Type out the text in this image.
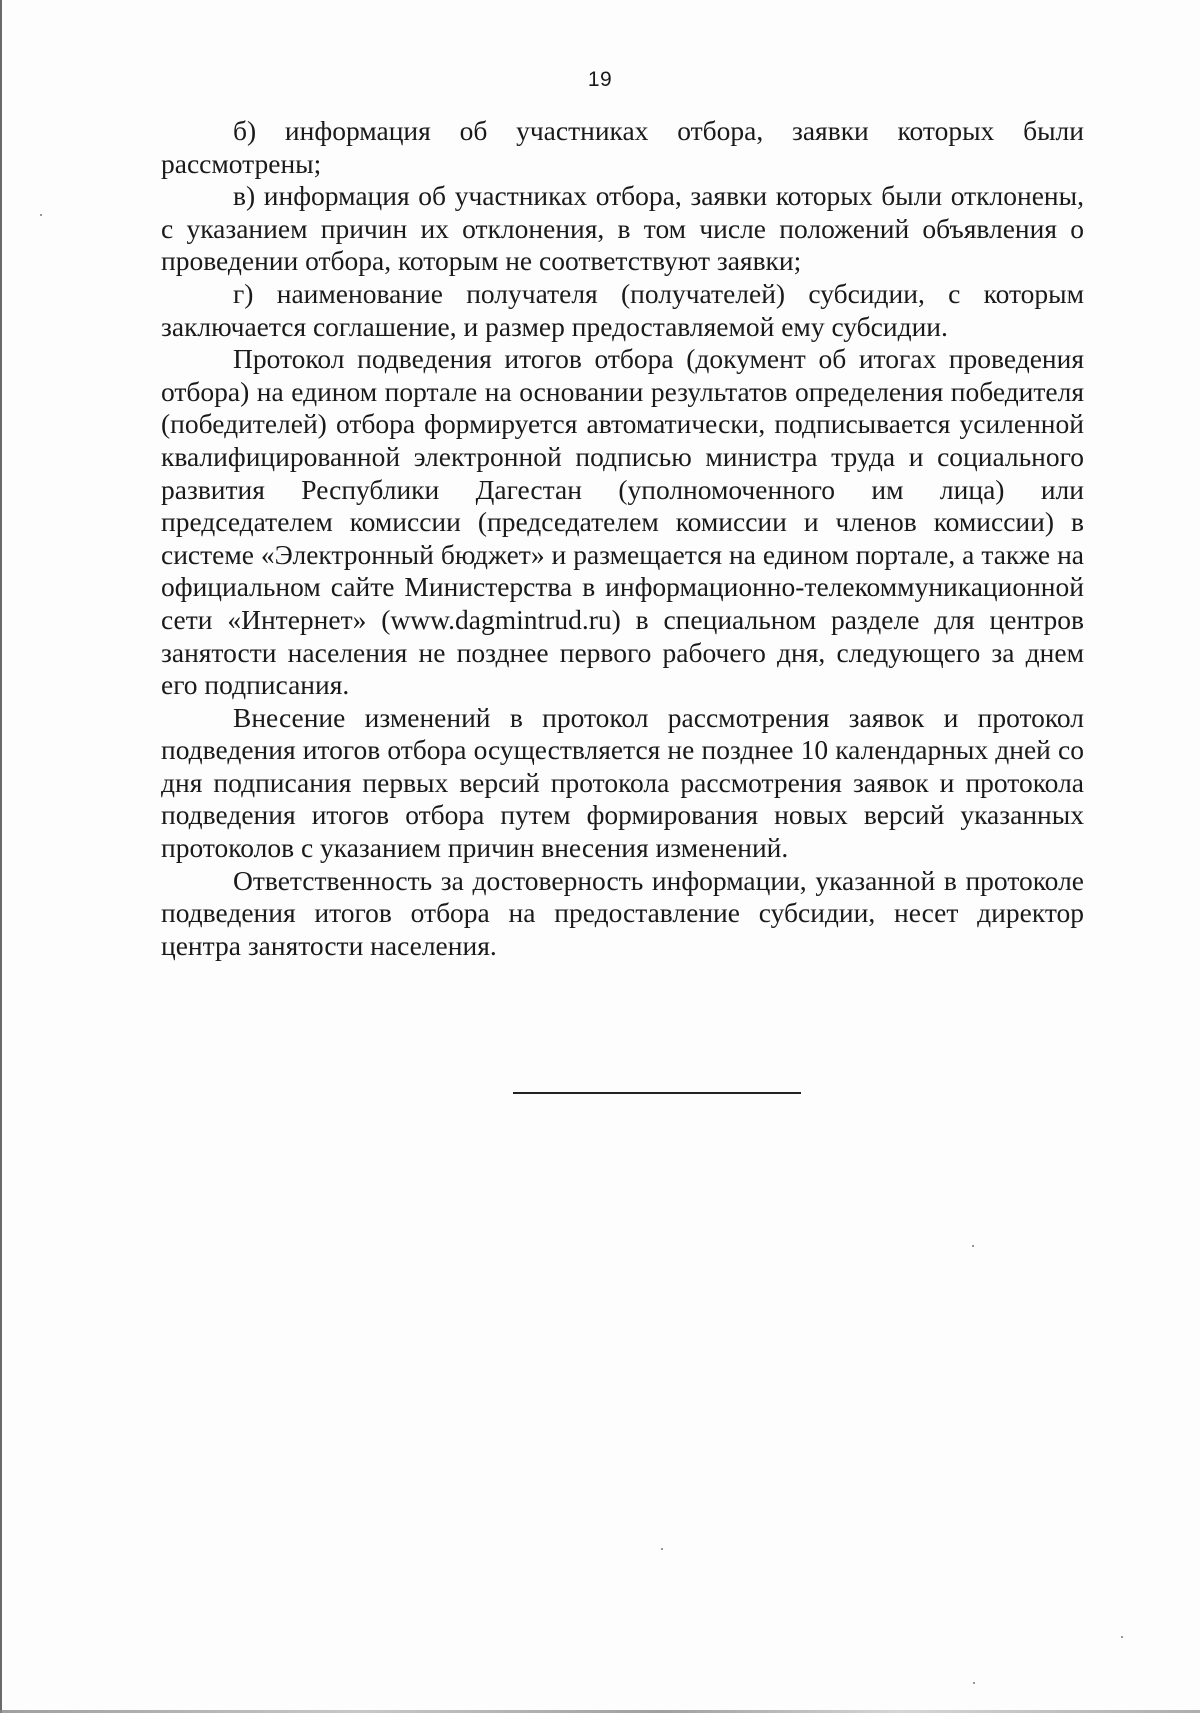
19

б) информация об участниках отбора, заявки которых были рассмотрены;

в) информация об участниках отбора, заявки которых были отклонены, с указанием причин их отклонения, в том числе положений объявления о проведении отбора, которым не соответствуют заявки;

г) наименование получателя (получателей) субсидии, с которым заключается соглашение, и размер предоставляемой ему субсидии.

Протокол подведения итогов отбора (документ об итогах проведения отбора) на едином портале на основании результатов определения победителя (победителей) отбора формируется автоматически, подписывается усиленной квалифицированной электронной подписью министра труда и социального развития Республики Дагестан (уполномоченного им лица) или председателем комиссии (председателем комиссии и членов комиссии) в системе «Электронный бюджет» и размещается на едином портале, а также на официальном сайте Министерства в информационно-телекоммуникационной сети «Интернет» (www.dagmintrud.ru) в специальном разделе для центров занятости населения не позднее первого рабочего дня, следующего за днем его подписания.

Внесение изменений в протокол рассмотрения заявок и протокол подведения итогов отбора осуществляется не позднее 10 календарных дней со дня подписания первых версий протокола рассмотрения заявок и протокола подведения итогов отбора путем формирования новых версий указанных протоколов с указанием причин внесения изменений.

Ответственность за достоверность информации, указанной в протоколе подведения итогов отбора на предоставление субсидии, несет директор центра занятости населения.
